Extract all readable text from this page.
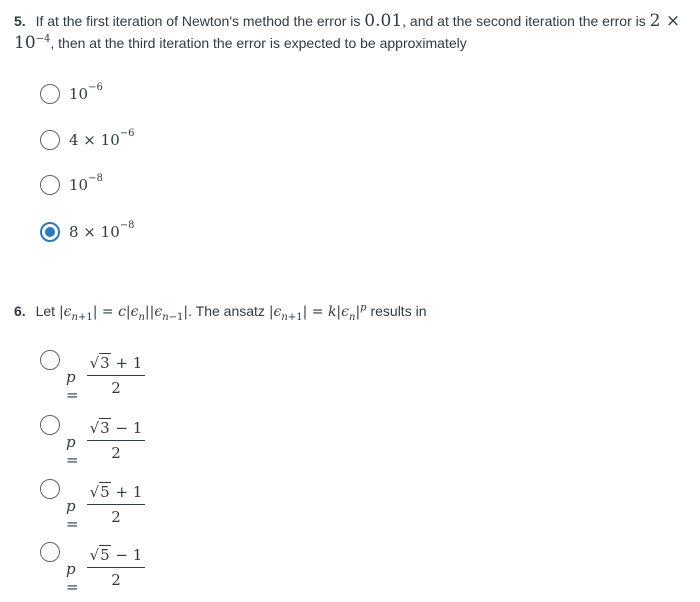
5. If at the first iteration of Newton's method the error is 0.01, and at the second iteration the error is $2 \times 10^{-4}$, then at the third iteration the error is expected to be approximately
$10^{-6}$
$4 \times 10^{-6}$
$10^{-8}$
$8 \times 10^{-8}$
6. Let $|\epsilon_{n+1}| = c|\epsilon_n||\epsilon_{n-1}|$. The ansatz $|\epsilon_{n+1}| = k|\epsilon_n|^p$ results in
$p = \frac{√3 + 1}{2}$
$p = \frac{√3 - 1}{2}$
$p = \frac{√5 + 1}{2}$
$p = \frac{√5 - 1}{2}$
